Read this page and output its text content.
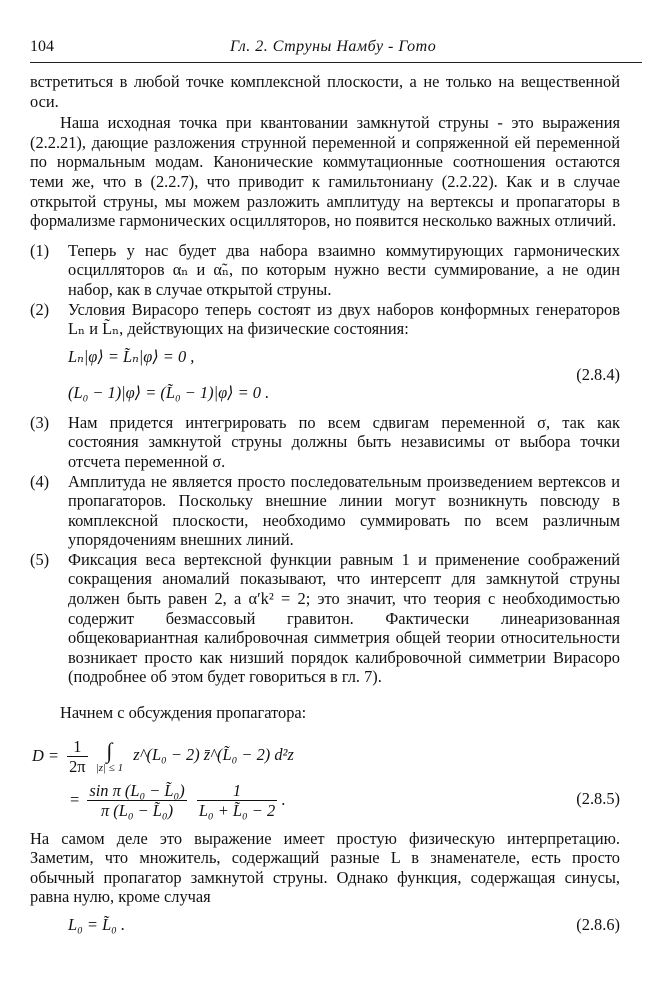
104	Гл. 2. Струны Намбу - Гото

встретиться в любой точке комплексной плоскости, а не только на вещественной оси.

Наша исходная точка при квантовании замкнутой струны - это выражения (2.2.21), дающие разложения струнной переменной и сопряженной ей переменной по нормальным модам. Канонические коммутационные соотношения остаются теми же, что в (2.2.7), что приводит к гамильтониану (2.2.22). Как и в случае открытой струны, мы можем разложить амплитуду на вертексы и пропагаторы в формализме гармонических осцилляторов, но появится несколько важных отличий.

(1) Теперь у нас будет два набора взаимно коммутирующих гармонических осцилляторов αₙ и α̃ₙ, по которым нужно вести суммирование, а не один набор, как в случае открытой струны.
(2) Условия Вирасоро теперь состоят из двух наборов конформных генераторов Lₙ и L̃ₙ, действующих на физические состояния:
Lₙ|φ⟩ = L̃ₙ|φ⟩ = 0 ,
(2.8.4)
(L₀ − 1)|φ⟩ = (L̃₀ − 1)|φ⟩ = 0 .
(3) Нам придется интегрировать по всем сдвигам переменной σ, так как состояния замкнутой струны должны быть независимы от выбора точки отсчета переменной σ.
(4) Амплитуда не является просто последовательным произведением вертексов и пропагаторов. Поскольку внешние линии могут возникнуть повсюду в комплексной плоскости, необходимо суммировать по всем различным упорядочениям внешних линий.
(5) Фиксация веса вертексной функции равным 1 и применение соображений сокращения аномалий показывают, что интерсепт для замкнутой струны должен быть равен 2, а α′k² = 2; это значит, что теория с необходимостью содержит безмассовый гравитон. Фактически линеаризованная общековариантная калибровочная симметрия общей теории относительности возникает просто как низший порядок калибровочной симметрии Вирасоро (подробнее об этом будет говориться в гл. 7).

Начнем с обсуждения пропагатора:

$D = \frac{1}{2\pi}$
∫
|z| ≤ 1
z^(L₀ − 2) z̄^(L̃₀ − 2) d²z
= $\frac{\text{sin π (L₀ − L̃₀)}}{\text{π (L₀ − L̃₀)}}$
$\frac{1}{\text{L₀ + L̃₀ − 2}}$ .	(2.8.5)

На самом деле это выражение имеет простую физическую интерпретацию. Заметим, что множитель, содержащий разные L в знаменателе, есть просто обычный пропагатор замкнутой струны. Однако функция, содержащая синусы, равна нулю, кроме случая

L₀ = L̃₀ .	(2.8.6)
